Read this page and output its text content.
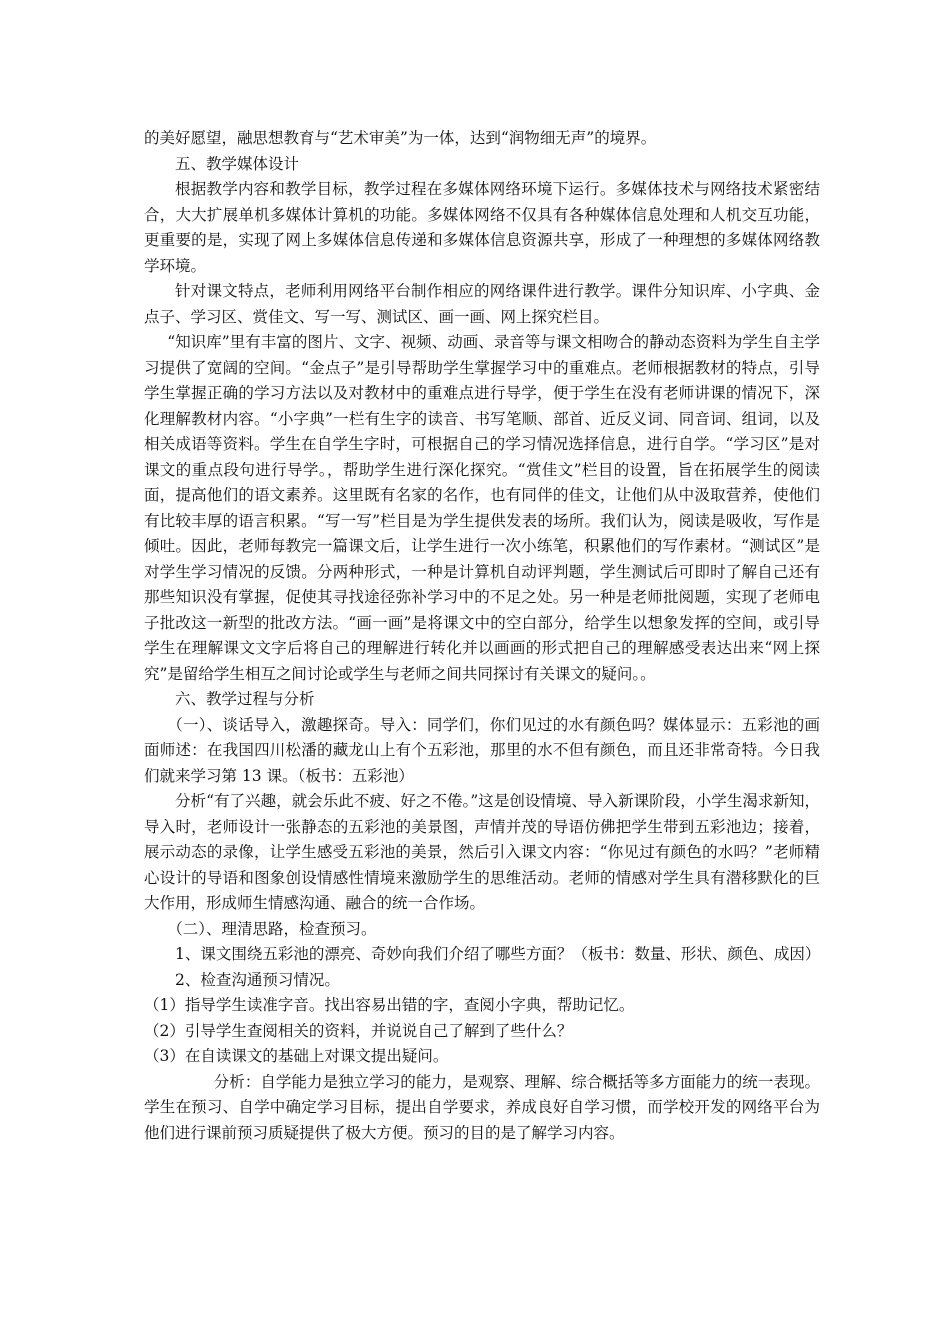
的美好愿望，融思想教育与“艺术审美”为一体，达到“润物细无声”的境界。

五、教学媒体设计

根据教学内容和教学目标，教学过程在多媒体网络环境下运行。多媒体技术与网络技术紧密结合，大大扩展单机多媒体计算机的功能。多媒体网络不仅具有各种媒体信息处理和人机交互功能，更重要的是，实现了网上多媒体信息传递和多媒体信息资源共享，形成了一种理想的多媒体网络教学环境。

针对课文特点，老师利用网络平台制作相应的网络课件进行教学。课件分知识库、小字典、金点子、学习区、赏佳文、写一写、测试区、画一画、网上探究栏目。

“知识库”里有丰富的图片、文字、视频、动画、录音等与课文相吻合的静动态资料为学生自主学习提供了宽阔的空间。“金点子”是引导帮助学生掌握学习中的重难点。老师根据教材的特点，引导学生掌握正确的学习方法以及对教材中的重难点进行导学，便于学生在没有老师讲课的情况下，深化理解教材内容。“小字典”一栏有生字的读音、书写笔顺、部首、近反义词、同音词、组词，以及相关成语等资料。学生在自学生字时，可根据自己的学习情况选择信息，进行自学。“学习区”是对课文的重点段句进行导学。，帮助学生进行深化探究。“赏佳文”栏目的设置，旨在拓展学生的阅读面，提高他们的语文素养。这里既有名家的名作，也有同伴的佳文，让他们从中汲取营养，使他们有比较丰厚的语言积累。“写一写”栏目是为学生提供发表的场所。我们认为，阅读是吸收，写作是倾吐。因此，老师每教完一篇课文后，让学生进行一次小练笔，积累他们的写作素材。“测试区”是对学生学习情况的反馈。分两种形式，一种是计算机自动评判题，学生测试后可即时了解自己还有那些知识没有掌握，促使其寻找途径弥补学习中的不足之处。另一种是老师批阅题，实现了老师电子批改这一新型的批改方法。“画一画”是将课文中的空白部分，给学生以想象发挥的空间，或引导学生在理解课文文字后将自己的理解进行转化并以画画的形式把自己的理解感受表达出来“网上探究”是留给学生相互之间讨论或学生与老师之间共同探讨有关课文的疑问。。

六、教学过程与分析

（一）、谈话导入，激趣探奇。导入：同学们，你们见过的水有颜色吗？媒体显示：五彩池的画面师述：在我国四川松潘的藏龙山上有个五彩池，那里的水不但有颜色，而且还非常奇特。今日我们就来学习第 13 课。（板书：五彩池）

分析“有了兴趣，就会乐此不疲、好之不倦。”这是创设情境、导入新课阶段，小学生渴求新知，导入时，老师设计一张静态的五彩池的美景图，声情并茂的导语仿佛把学生带到五彩池边；接着，展示动态的录像，让学生感受五彩池的美景，然后引入课文内容：“你见过有颜色的水吗？”老师精心设计的导语和图象创设情感性情境来激励学生的思维活动。老师的情感对学生具有潜移默化的巨大作用，形成师生情感沟通、融合的统一合作场。

（二）、理清思路，检查预习。

1、课文围绕五彩池的漂亮、奇妙向我们介绍了哪些方面？（板书：数量、形状、颜色、成因）

2、检查沟通预习情况。

（1）指导学生读准字音。找出容易出错的字，查阅小字典，帮助记忆。

（2）引导学生查阅相关的资料，并说说自己了解到了些什么？

（3）在自读课文的基础上对课文提出疑问。

分析：自学能力是独立学习的能力，是观察、理解、综合概括等多方面能力的统一表现。学生在预习、自学中确定学习目标，提出自学要求，养成良好自学习惯，而学校开发的网络平台为他们进行课前预习质疑提供了极大方便。预习的目的是了解学习内容。
